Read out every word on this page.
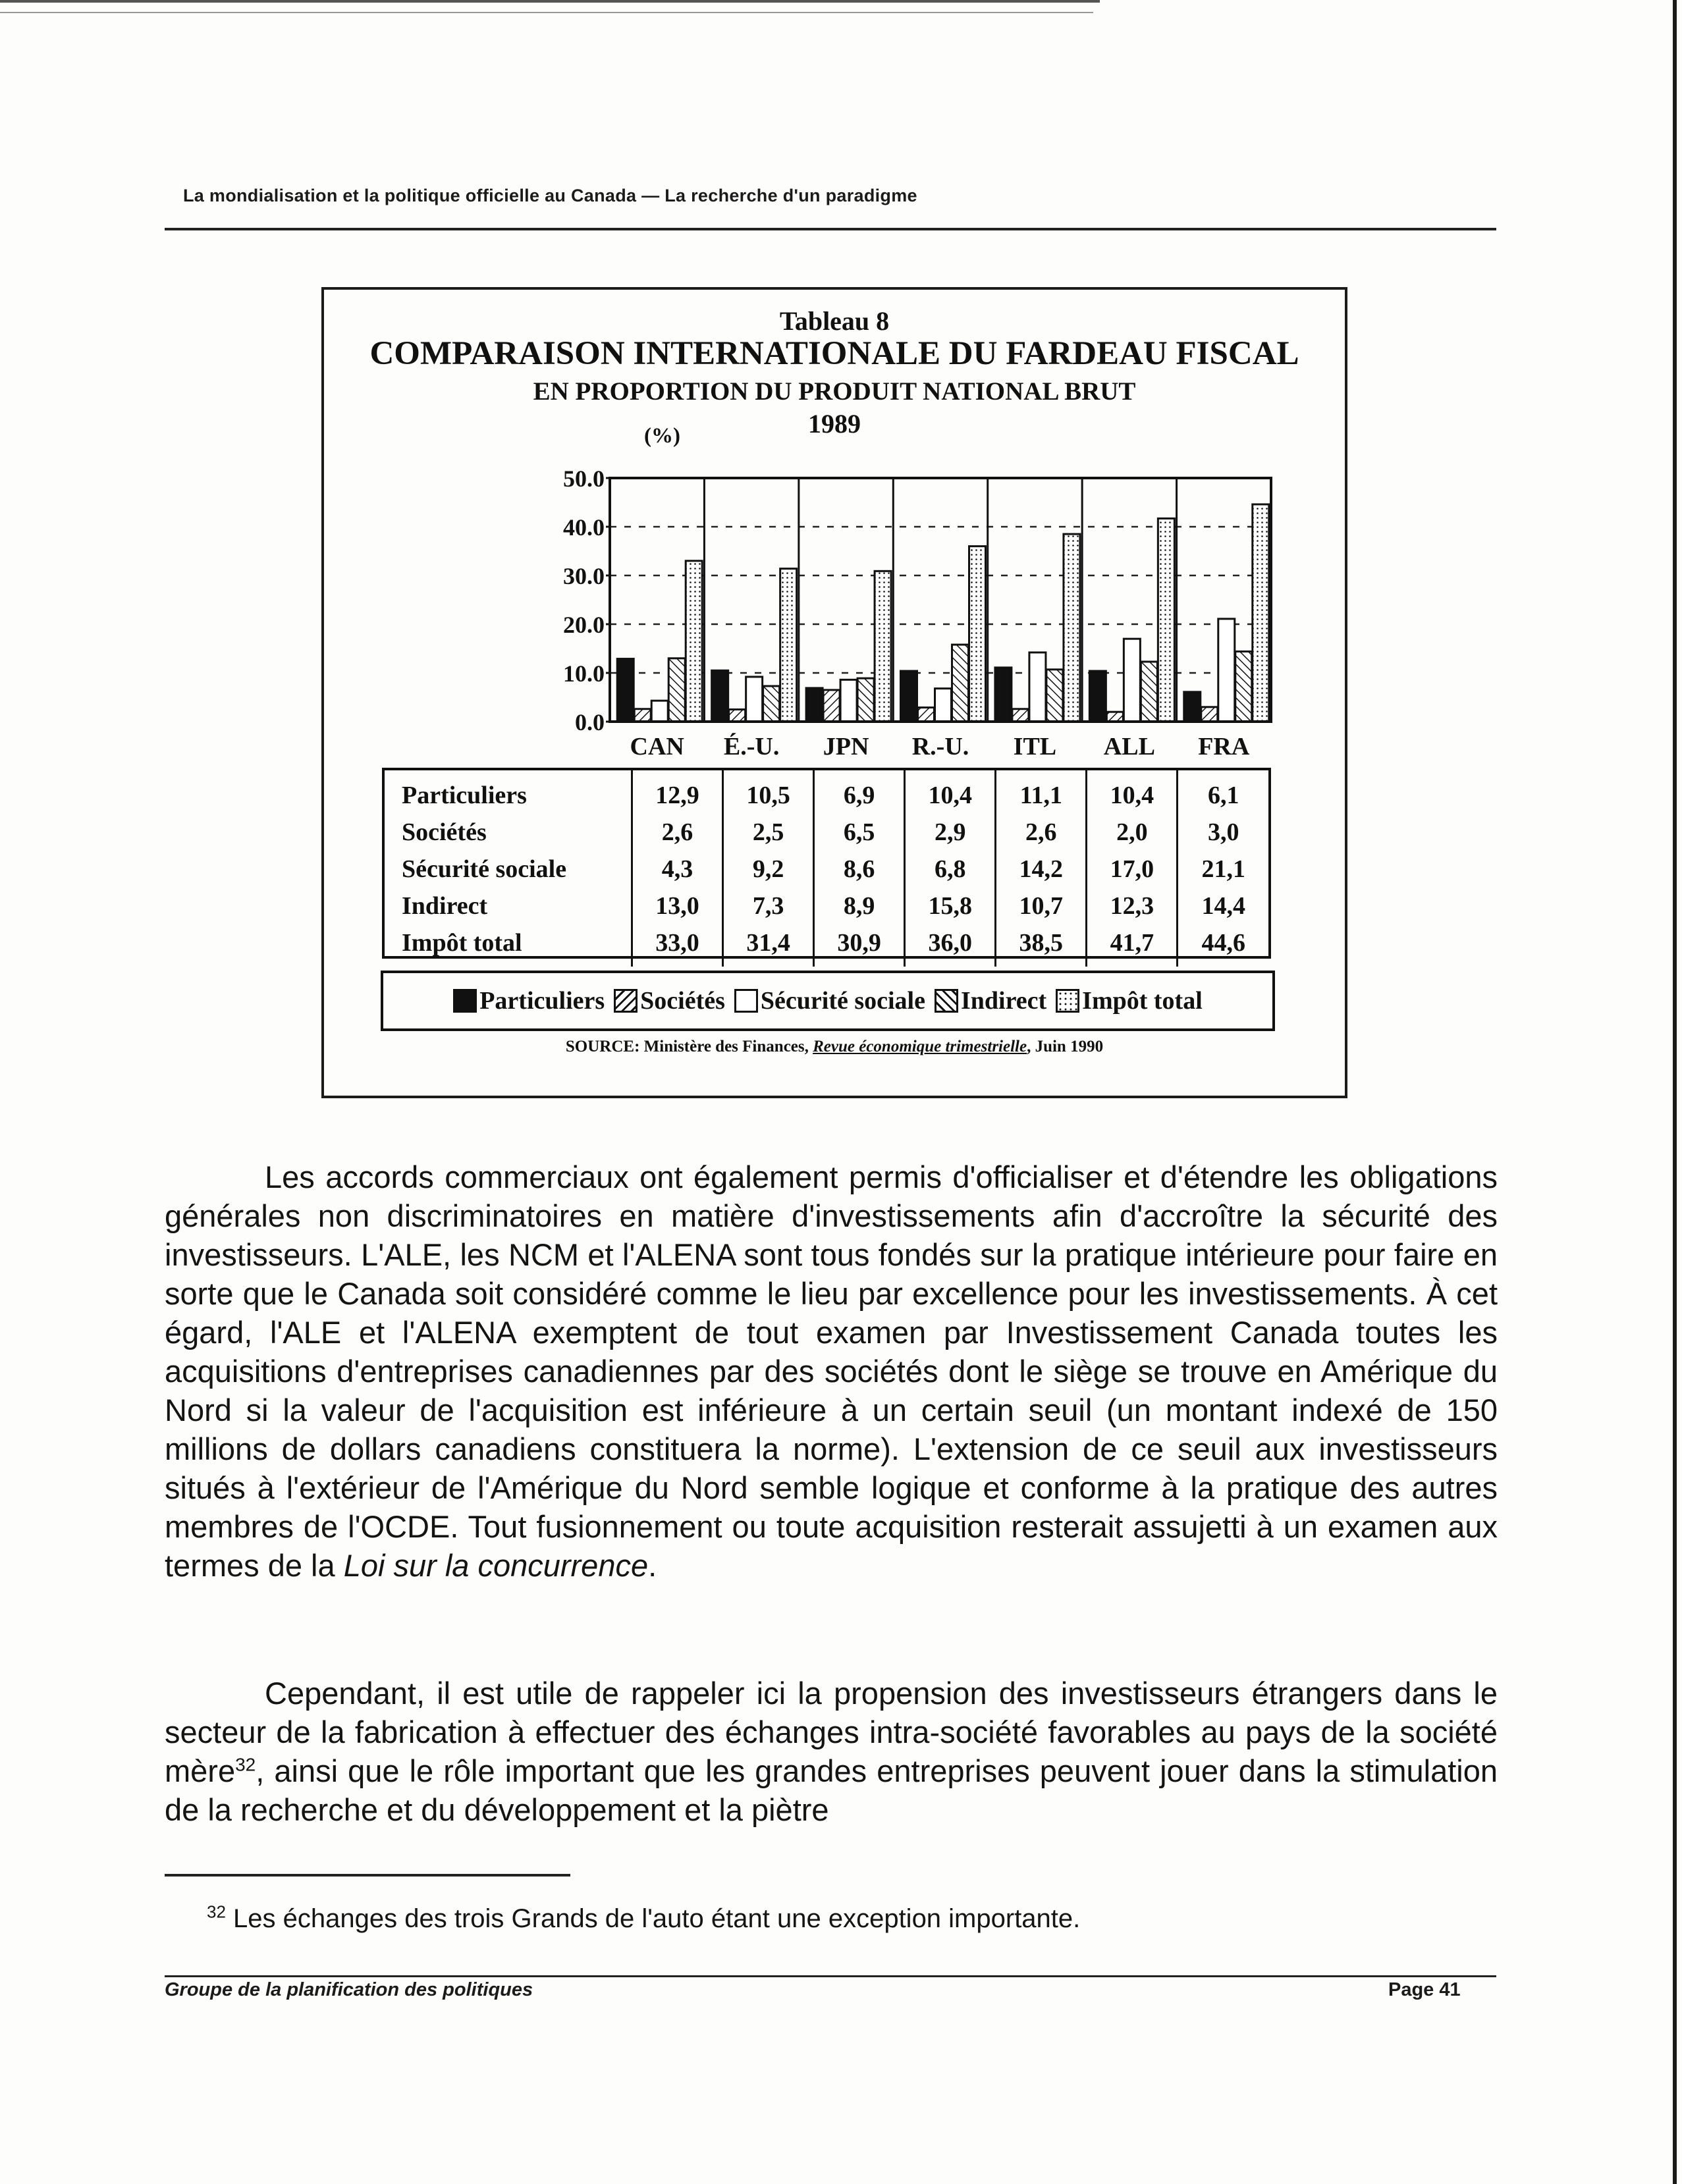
La mondialisation et la politique officielle au Canada — La recherche d'un paradigme
Tableau 8
COMPARAISON INTERNATIONALE DU FARDEAU FISCAL
EN PROPORTION DU PRODUIT NATIONAL BRUT
1989
(%)
50.0
40.0
30.0
20.0
10.0
0.0
CAN É.-U. JPN R.-U. ITL ALL FRA
Particuliers	12,9	10,5	6,9	10,4	11,1	10,4	6,1
Sociétés	2,6	2,5	6,5	2,9	2,6	2,0	3,0
Sécurité sociale	4,3	9,2	8,6	6,8	14,2	17,0	21,1
Indirect	13,0	7,3	8,9	15,8	10,7	12,3	14,4
Impôt total	33,0	31,4	30,9	36,0	38,5	41,7	44,6
Particuliers Sociétés Sécurité sociale Indirect Impôt total
SOURCE: Ministère des Finances, Revue économique trimestrielle, Juin 1990

Les accords commerciaux ont également permis d'officialiser et d'étendre les obligations générales non discriminatoires en matière d'investissements afin d'accroître la sécurité des investisseurs. L'ALE, les NCM et l'ALENA sont tous fondés sur la pratique intérieure pour faire en sorte que le Canada soit considéré comme le lieu par excellence pour les investissements. À cet égard, l'ALE et l'ALENA exemptent de tout examen par Investissement Canada toutes les acquisitions d'entreprises canadiennes par des sociétés dont le siège se trouve en Amérique du Nord si la valeur de l'acquisition est inférieure à un certain seuil (un montant indexé de 150 millions de dollars canadiens constituera la norme). L'extension de ce seuil aux investisseurs situés à l'extérieur de l'Amérique du Nord semble logique et conforme à la pratique des autres membres de l'OCDE. Tout fusionnement ou toute acquisition resterait assujetti à un examen aux termes de la Loi sur la concurrence.

Cependant, il est utile de rappeler ici la propension des investisseurs étrangers dans le secteur de la fabrication à effectuer des échanges intra-société favorables au pays de la société mère$^{32}$, ainsi que le rôle important que les grandes entreprises peuvent jouer dans la stimulation de la recherche et du développement et la piètre

$^{32}$ Les échanges des trois Grands de l'auto étant une exception importante.
Groupe de la planification des politiques	Page 41
